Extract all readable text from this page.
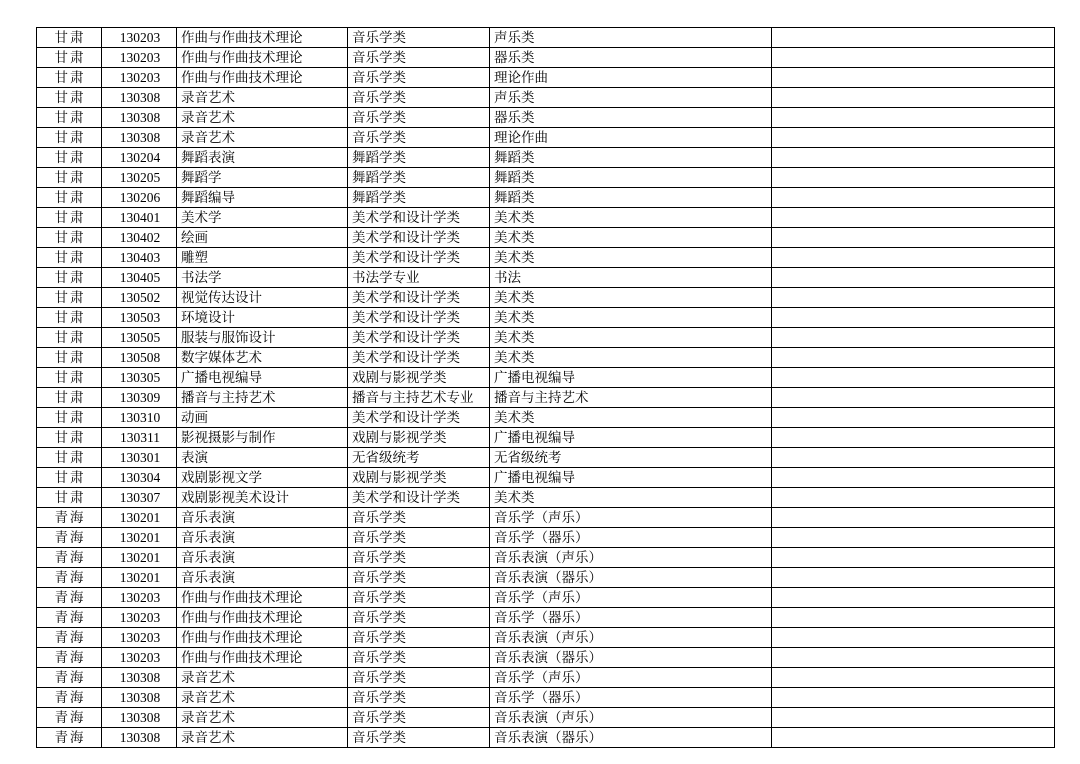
甘肃	130203	作曲与作曲技术理论	音乐学类	声乐类	
甘肃	130203	作曲与作曲技术理论	音乐学类	器乐类	
甘肃	130203	作曲与作曲技术理论	音乐学类	理论作曲	
甘肃	130308	录音艺术	音乐学类	声乐类	
甘肃	130308	录音艺术	音乐学类	器乐类	
甘肃	130308	录音艺术	音乐学类	理论作曲	
甘肃	130204	舞蹈表演	舞蹈学类	舞蹈类	
甘肃	130205	舞蹈学	舞蹈学类	舞蹈类	
甘肃	130206	舞蹈编导	舞蹈学类	舞蹈类	
甘肃	130401	美术学	美术学和设计学类	美术类	
甘肃	130402	绘画	美术学和设计学类	美术类	
甘肃	130403	雕塑	美术学和设计学类	美术类	
甘肃	130405	书法学	书法学专业	书法	
甘肃	130502	视觉传达设计	美术学和设计学类	美术类	
甘肃	130503	环境设计	美术学和设计学类	美术类	
甘肃	130505	服装与服饰设计	美术学和设计学类	美术类	
甘肃	130508	数字媒体艺术	美术学和设计学类	美术类	
甘肃	130305	广播电视编导	戏剧与影视学类	广播电视编导	
甘肃	130309	播音与主持艺术	播音与主持艺术专业	播音与主持艺术	
甘肃	130310	动画	美术学和设计学类	美术类	
甘肃	130311	影视摄影与制作	戏剧与影视学类	广播电视编导	
甘肃	130301	表演	无省级统考	无省级统考	
甘肃	130304	戏剧影视文学	戏剧与影视学类	广播电视编导	
甘肃	130307	戏剧影视美术设计	美术学和设计学类	美术类	
青海	130201	音乐表演	音乐学类	音乐学（声乐）	
青海	130201	音乐表演	音乐学类	音乐学（器乐）	
青海	130201	音乐表演	音乐学类	音乐表演（声乐）	
青海	130201	音乐表演	音乐学类	音乐表演（器乐）	
青海	130203	作曲与作曲技术理论	音乐学类	音乐学（声乐）	
青海	130203	作曲与作曲技术理论	音乐学类	音乐学（器乐）	
青海	130203	作曲与作曲技术理论	音乐学类	音乐表演（声乐）	
青海	130203	作曲与作曲技术理论	音乐学类	音乐表演（器乐）	
青海	130308	录音艺术	音乐学类	音乐学（声乐）	
青海	130308	录音艺术	音乐学类	音乐学（器乐）	
青海	130308	录音艺术	音乐学类	音乐表演（声乐）	
青海	130308	录音艺术	音乐学类	音乐表演（器乐）	
